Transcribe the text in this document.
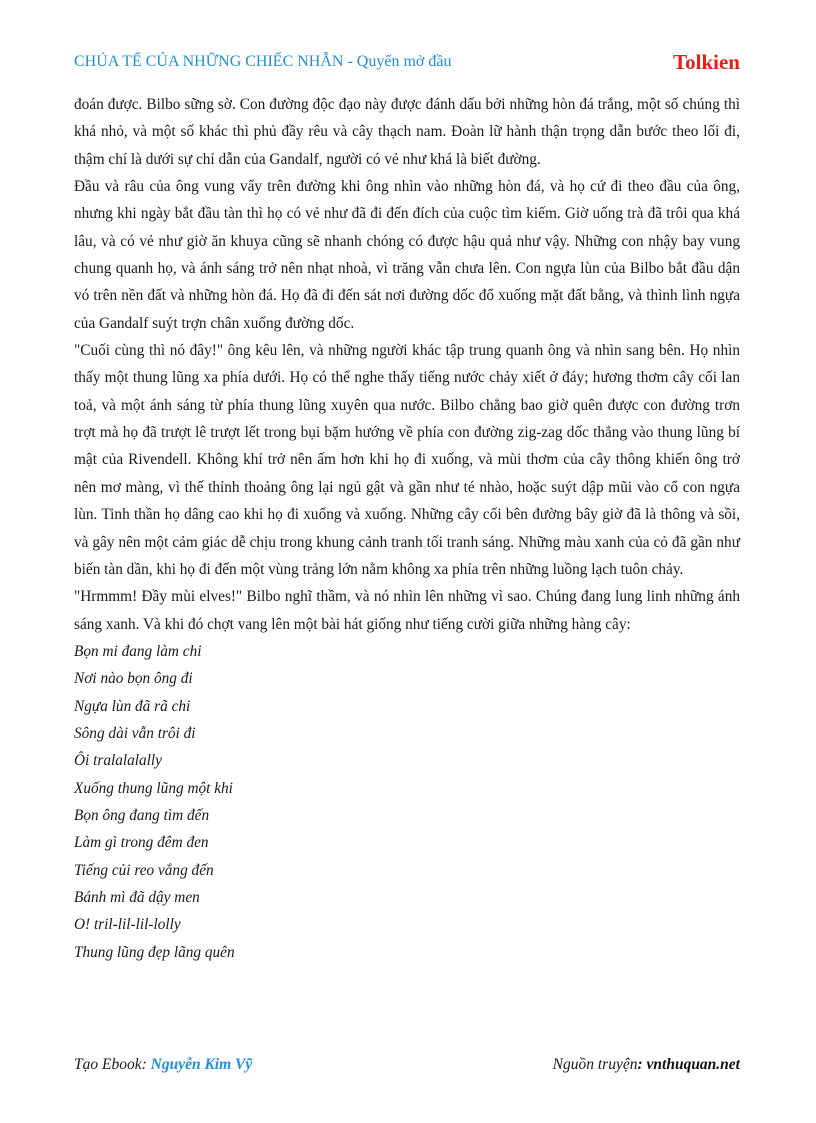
CHÚA TỂ CỦA NHỮNG CHIẾC NHẪN - Quyển mở đầu	Tolkien

đoán được. Bilbo sững sờ. Con đường độc đạo này được đánh dấu bởi những hòn đá trắng, một số chúng thì khá nhỏ, và một số khác thì phủ đầy rêu và cây thạch nam. Đoàn lữ hành thận trọng dẫn bước theo lối đi, thậm chí là dưới sự chỉ dẫn của Gandalf, người có vẻ như khá là biết đường.

Đầu và râu của ông vung vẩy trên đường khi ông nhìn vào những hòn đá, và họ cứ đi theo đầu của ông, nhưng khi ngày bắt đầu tàn thì họ có vẻ như đã đi đến đích của cuộc tìm kiếm. Giờ uống trà đã trôi qua khá lâu, và có vẻ như giờ ăn khuya cũng sẽ nhanh chóng có được hậu quả như vậy. Những con nhậy bay vung chung quanh họ, và ánh sáng trở nên nhạt nhoà, vì trăng vẫn chưa lên. Con ngựa lùn của Bilbo bắt đầu dận vó trên nền đất và những hòn đá. Họ đã đi đến sát nơi đường dốc đổ xuống mặt đất bằng, và thình lình ngựa của Gandalf suýt trợn chân xuống đường dốc.

"Cuối cùng thì nó đây!" ông kêu lên, và những người khác tập trung quanh ông và nhìn sang bên. Họ nhìn thấy một thung lũng xa phía dưới. Họ có thể nghe thấy tiếng nước chảy xiết ở đáy; hương thơm cây cối lan toả, và một ánh sáng từ phía thung lũng xuyên qua nước. Bilbo chẳng bao giờ quên được con đường trơn trợt mà họ đã trượt lê trượt lết trong bụi bặm hướng về phía con đường zig-zag dốc thẳng vào thung lũng bí mật của Rivendell. Không khí trở nên ấm hơn khi họ đi xuống, và mùi thơm của cây thông khiến ông trở nên mơ màng, vì thế thỉnh thoảng ông lại ngủ gật và gần như té nhào, hoặc suýt dập mũi vào cổ con ngựa lùn. Tinh thần họ dâng cao khi họ đi xuống và xuống. Những cây cối bên đường bây giờ đã là thông và sồi, và gây nên một cảm giác dễ chịu trong khung cảnh tranh tối tranh sáng. Những màu xanh của cỏ đã gần như biến tàn dần, khi họ đi đến một vùng trảng lớn nằm không xa phía trên những luồng lạch tuôn chảy.

"Hrmmm! Đầy mùi elves!" Bilbo nghĩ thầm, và nó nhìn lên những vì sao. Chúng đang lung linh những ánh sáng xanh. Và khi đó chợt vang lên một bài hát giống như tiếng cười giữa những hàng cây:

Bọn mi đang làm chi

Nơi nào bọn ông đi

Ngựa lùn đã rã chi

Sông dài vẫn trôi đi

Ôi tralalalally

Xuống thung lũng một khi

Bọn ông đang tìm đến

Làm gì trong đêm đen

Tiếng củi reo vắng đến

Bánh mì đã dậy men

O! tril-lil-lil-lolly

Thung lũng đẹp lãng quên

Tạo Ebook: Nguyễn Kim Vỹ	Nguồn truyện: vnthuquan.net
